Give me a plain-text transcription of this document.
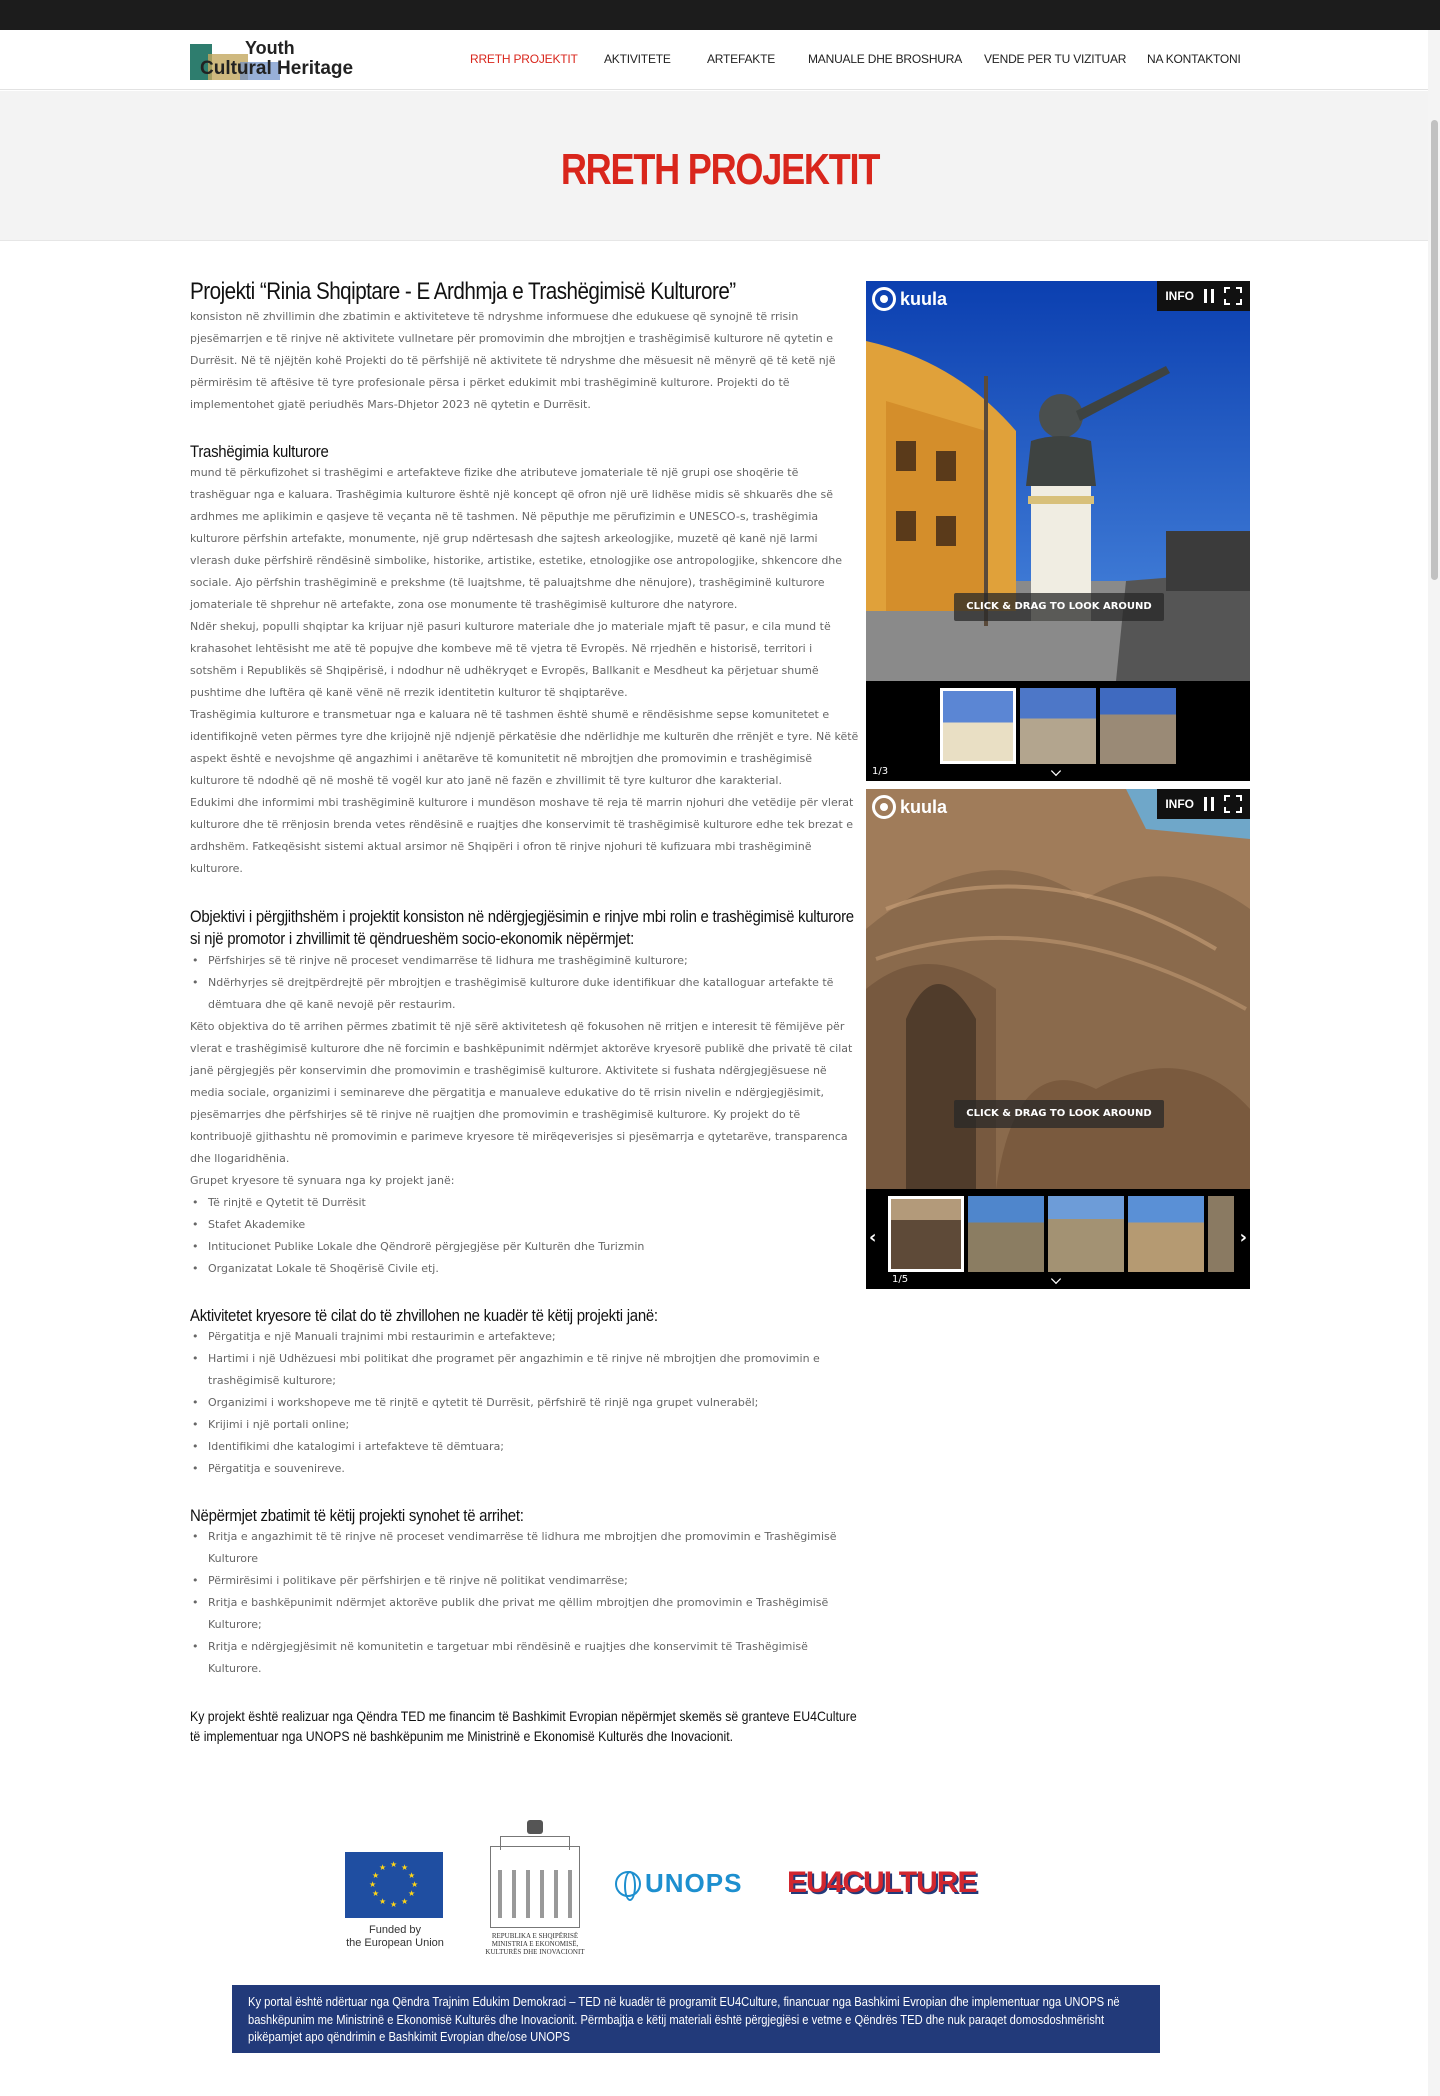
Youth
Cultural Heritage	RRETH PROJEKTIT AKTIVITETE	ARTEFAKTE	MANUALE DHE BROSHURA VENDE PER TU VIZITUAR NA KONTAKTONI
RRETH PROJEKTIT
Projekti “Rinia Shqiptare - E Ardhmja e Trashëgimisë Kulturore”

konsiston në zhvillimin dhe zbatimin e aktiviteteve të ndryshme informuese dhe edukuese që synojnë të rrisin pjesëmarrjen e të rinjve në aktivitete vullnetare për promovimin dhe mbrojtjen e trashëgimisë kulturore në qytetin e Durrësit. Në të njëjtën kohë Projekti do të përfshijë në aktivitete të ndryshme dhe mësuesit në mënyrë që të ketë një përmirësim të aftësive të tyre profesionale përsa i përket edukimit mbi trashëgiminë kulturore. Projekti do të implementohet gjatë periudhës Mars-Dhjetor 2023 në qytetin e Durrësit.

Trashëgimia kulturore

mund të përkufizohet si trashëgimi e artefakteve fizike dhe atributeve jomateriale të një grupi ose shoqërie të trashëguar nga e kaluara. Trashëgimia kulturore është një koncept që ofron një urë lidhëse midis së shkuarës dhe së ardhmes me aplikimin e qasjeve të veçanta në të tashmen. Në pëputhje me përufizimin e UNESCO-s, trashëgimia kulturore përfshin artefakte, monumente, një grup ndërtesash dhe sajtesh arkeologjike, muzetë që kanë një larmi vlerash duke përfshirë rëndësinë simbolike, historike, artistike, estetike, etnologjike ose antropologjike, shkencore dhe sociale. Ajo përfshin trashëgiminë e prekshme (të luajtshme, të paluajtshme dhe nënujore), trashëgiminë kulturore jomateriale të shprehur në artefakte, zona ose monumente të trashëgimisë kulturore dhe natyrore.

Ndër shekuj, populli shqiptar ka krijuar një pasuri kulturore materiale dhe jo materiale mjaft të pasur, e cila mund të krahasohet lehtësisht me atë të popujve dhe kombeve më të vjetra të Evropës. Në rrjedhën e historisë, territori i sotshëm i Republikës së Shqipërisë, i ndodhur në udhëkryqet e Evropës, Ballkanit e Mesdheut ka përjetuar shumë pushtime dhe luftëra që kanë vënë në rrezik identitetin kulturor të shqiptarëve.

Trashëgimia kulturore e transmetuar nga e kaluara në të tashmen është shumë e rëndësishme sepse komunitetet e identifikojnë veten përmes tyre dhe krijojnë një ndjenjë përkatësie dhe ndërlidhje me kulturën dhe rrënjët e tyre. Në këtë aspekt është e nevojshme që angazhimi i anëtarëve të komunitetit në mbrojtjen dhe promovimin e trashëgimisë kulturore të ndodhë që në moshë të vogël kur ato janë në fazën e zhvillimit të tyre kulturor dhe karakterial.

Edukimi dhe informimi mbi trashëgiminë kulturore i mundëson moshave të reja të marrin njohuri dhe vetëdije për vlerat kulturore dhe të rrënjosin brenda vetes rëndësinë e ruajtjes dhe konservimit të trashëgimisë kulturore edhe tek brezat e ardhshëm. Fatkeqësisht sistemi aktual arsimor në Shqipëri i ofron të rinjve njohuri të kufizuara mbi trashëgiminë kulturore.

Objektivi i përgjithshëm i projektit konsiston në ndërgjegjësimin e rinjve mbi rolin e trashëgimisë kulturore si një promotor i zhvillimit të qëndrueshëm socio-ekonomik nëpërmjet:
• Përfshirjes së të rinjve në proceset vendimarrëse të lidhura me trashëgiminë kulturore;
• Ndërhyrjes së drejtpërdrejtë për mbrojtjen e trashëgimisë kulturore duke identifikuar dhe katalloguar artefakte të dëmtuara dhe që kanë nevojë për restaurim.

Këto objektiva do të arrihen përmes zbatimit të një sërë aktivitetesh që fokusohen në rritjen e interesit të fëmijëve për vlerat e trashëgimisë kulturore dhe në forcimin e bashkëpunimit ndërmjet aktorëve kryesorë publikë dhe privatë të cilat janë përgjegjës për konservimin dhe promovimin e trashëgimisë kulturore. Aktivitete si fushata ndërgjegjësuese në media sociale, organizimi i seminareve dhe përgatitja e manualeve edukative do të rrisin nivelin e ndërgjegjësimit, pjesëmarrjes dhe përfshirjes së të rinjve në ruajtjen dhe promovimin e trashëgimisë kulturore. Ky projekt do të kontribuojë gjithashtu në promovimin e parimeve kryesore të mirëqeverisjes si pjesëmarrja e qytetarëve, transparenca dhe llogaridhënia.

Grupet kryesore të synuara nga ky projekt janë:

• Të rinjtë e Qytetit të Durrësit
• Stafet Akademike
• Intitucionet Publike Lokale dhe Qëndrorë përgjegjëse për Kulturën dhe Turizmin
• Organizatat Lokale të Shoqërisë Civile etj.
Aktivitetet kryesore të cilat do të zhvillohen ne kuadër të këtij projekti janë:
• Përgatitja e një Manuali trajnimi mbi restaurimin e artefakteve;
• Hartimi i një Udhëzuesi mbi politikat dhe programet për angazhimin e të rinjve në mbrojtjen dhe promovimin e trashëgimisë kulturore;
• Organizimi i workshopeve me të rinjtë e qytetit të Durrësit, përfshirë të rinjë nga grupet vulnerabël;
• Krijimi i një portali online;
• Identifikimi dhe katalogimi i artefakteve të dëmtuara;
• Përgatitja e souvenireve.
Nëpërmjet zbatimit të këtij projekti synohet të arrihet:
• Rritja e angazhimit të të rinjve në proceset vendimarrëse të lidhura me mbrojtjen dhe promovimin e Trashëgimisë Kulturore
• Përmirësimi i politikave për përfshirjen e të rinjve në politikat vendimarrëse;
• Rritja e bashkëpunimit ndërmjet aktorëve publik dhe privat me qëllim mbrojtjen dhe promovimin e Trashëgimisë Kulturore;
• Rritja e ndërgjegjësimit në komunitetin e targetuar mbi rëndësinë e ruajtjes dhe konservimit të Trashëgimisë Kulturore.

Ky projekt është realizuar nga Qëndra TED me financim të Bashkimit Evropian nëpërmjet skemës së granteve EU4Culture të implementuar nga UNOPS në bashkëpunim me Ministrinë e Ekonomisë Kulturës dhe Inovacionit.

kuula	INFO
CLICK & DRAG TO LOOK AROUND
1/3
kuula	INFO
CLICK & DRAG TO LOOK AROUND
‹	›
1/5
★ ★
★
★
★
★
★
★
★
★
★
★
Funded by
the European Union
REPUBLIKA E SHQIPËRISË
MINISTRIA E EKONOMISË,
KULTURËS DHE INOVACIONIT
UNOPS EU4CULTURE

Ky portal është ndërtuar nga Qëndra Trajnim Edukim Demokraci – TED në kuadër të programit EU4Culture, financuar nga Bashkimi Evropian dhe implementuar nga UNOPS në bashkëpunim me Ministrinë e Ekonomisë Kulturës dhe Inovacionit. Përmbajtja e këtij materiali është përgjegjësi e vetme e Qëndrës TED dhe nuk paraqet domosdoshmërisht pikëpamjet apo qëndrimin e Bashkimit Evropian dhe/ose UNOPS
